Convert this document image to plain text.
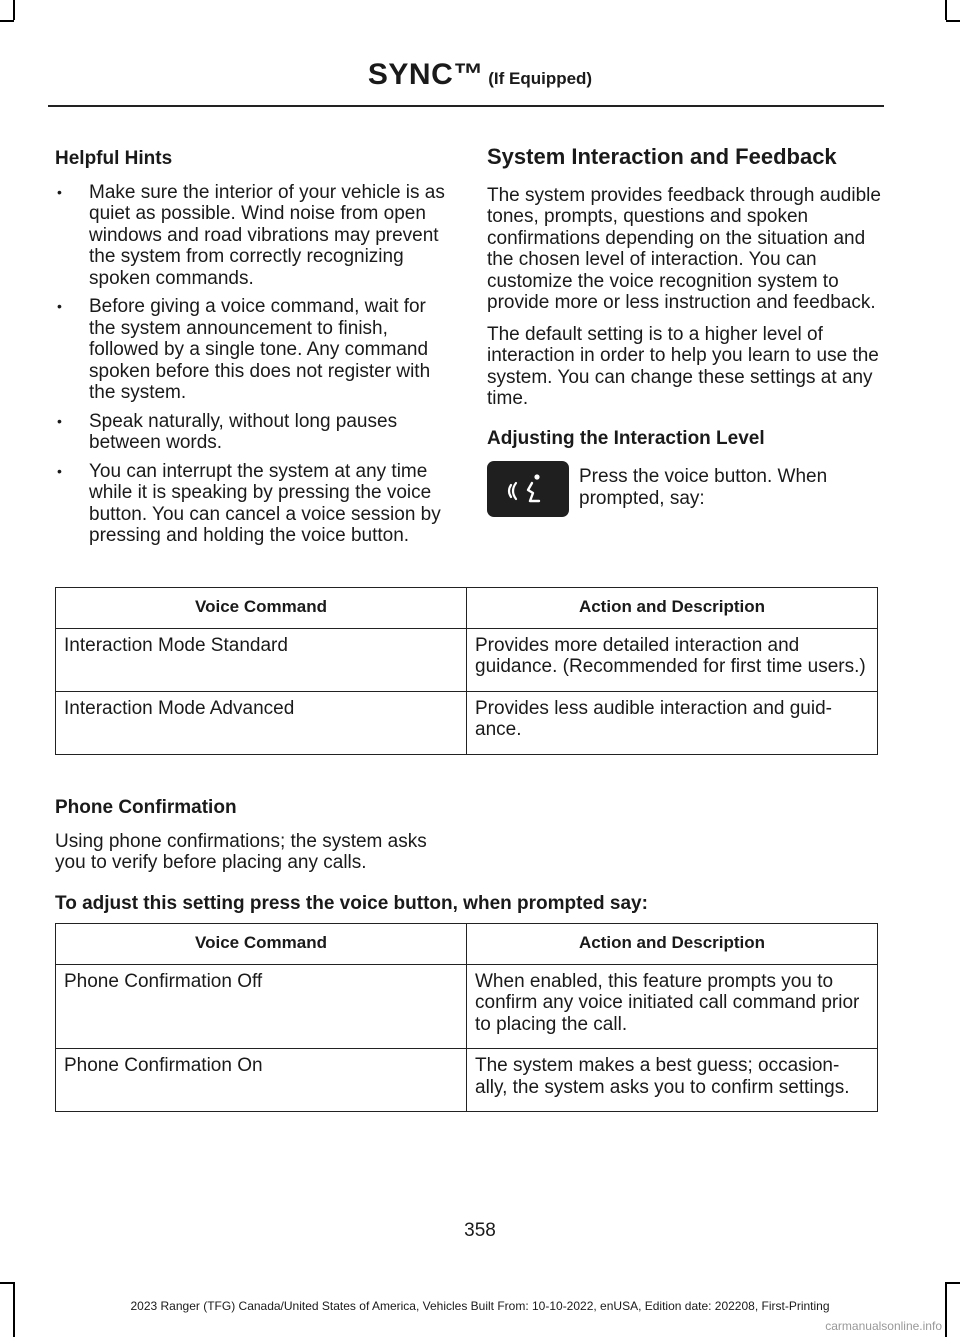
SYNC™ (If Equipped)
Helpful Hints
• Make sure the interior of your vehicle is as quiet as possible. Wind noise from open windows and road vibrations may prevent the system from correctly recognizing spoken commands.
• Before giving a voice command, wait for the system announcement to finish, followed by a single tone. Any command spoken before this does not register with the system.
• Speak naturally, without long pauses between words.
• You can interrupt the system at any time while it is speaking by pressing the voice button. You can cancel a voice session by pressing and holding the voice button.
System Interaction and Feedback

The system provides feedback through audible tones, prompts, questions and spoken confirmations depending on the situation and the chosen level of interaction. You can customize the voice recognition system to provide more or less instruction and feedback.

The default setting is to a higher level of interaction in order to help you learn to use the system. You can change these settings at any time.

Adjusting the Interaction Level
Press the voice button. When prompted, say:
Voice Command	Action and Description
Interaction Mode Standard	Provides more detailed interaction and guidance. (Recommended for first time users.)
Interaction Mode Advanced	Provides less audible interaction and guid-ance.
Phone Confirmation

Using phone confirmations; the system asks you to verify before placing any calls.

To adjust this setting press the voice button, when prompted say:
Voice Command	Action and Description
Phone Confirmation Off	When enabled, this feature prompts you to confirm any voice initiated call command prior to placing the call.
Phone Confirmation On	The system makes a best guess; occasion-ally, the system asks you to confirm settings.
358
2023 Ranger (TFG) Canada/United States of America, Vehicles Built From: 10-10-2022, enUSA, Edition date: 202208, First-Printing
carmanualsonline.info
